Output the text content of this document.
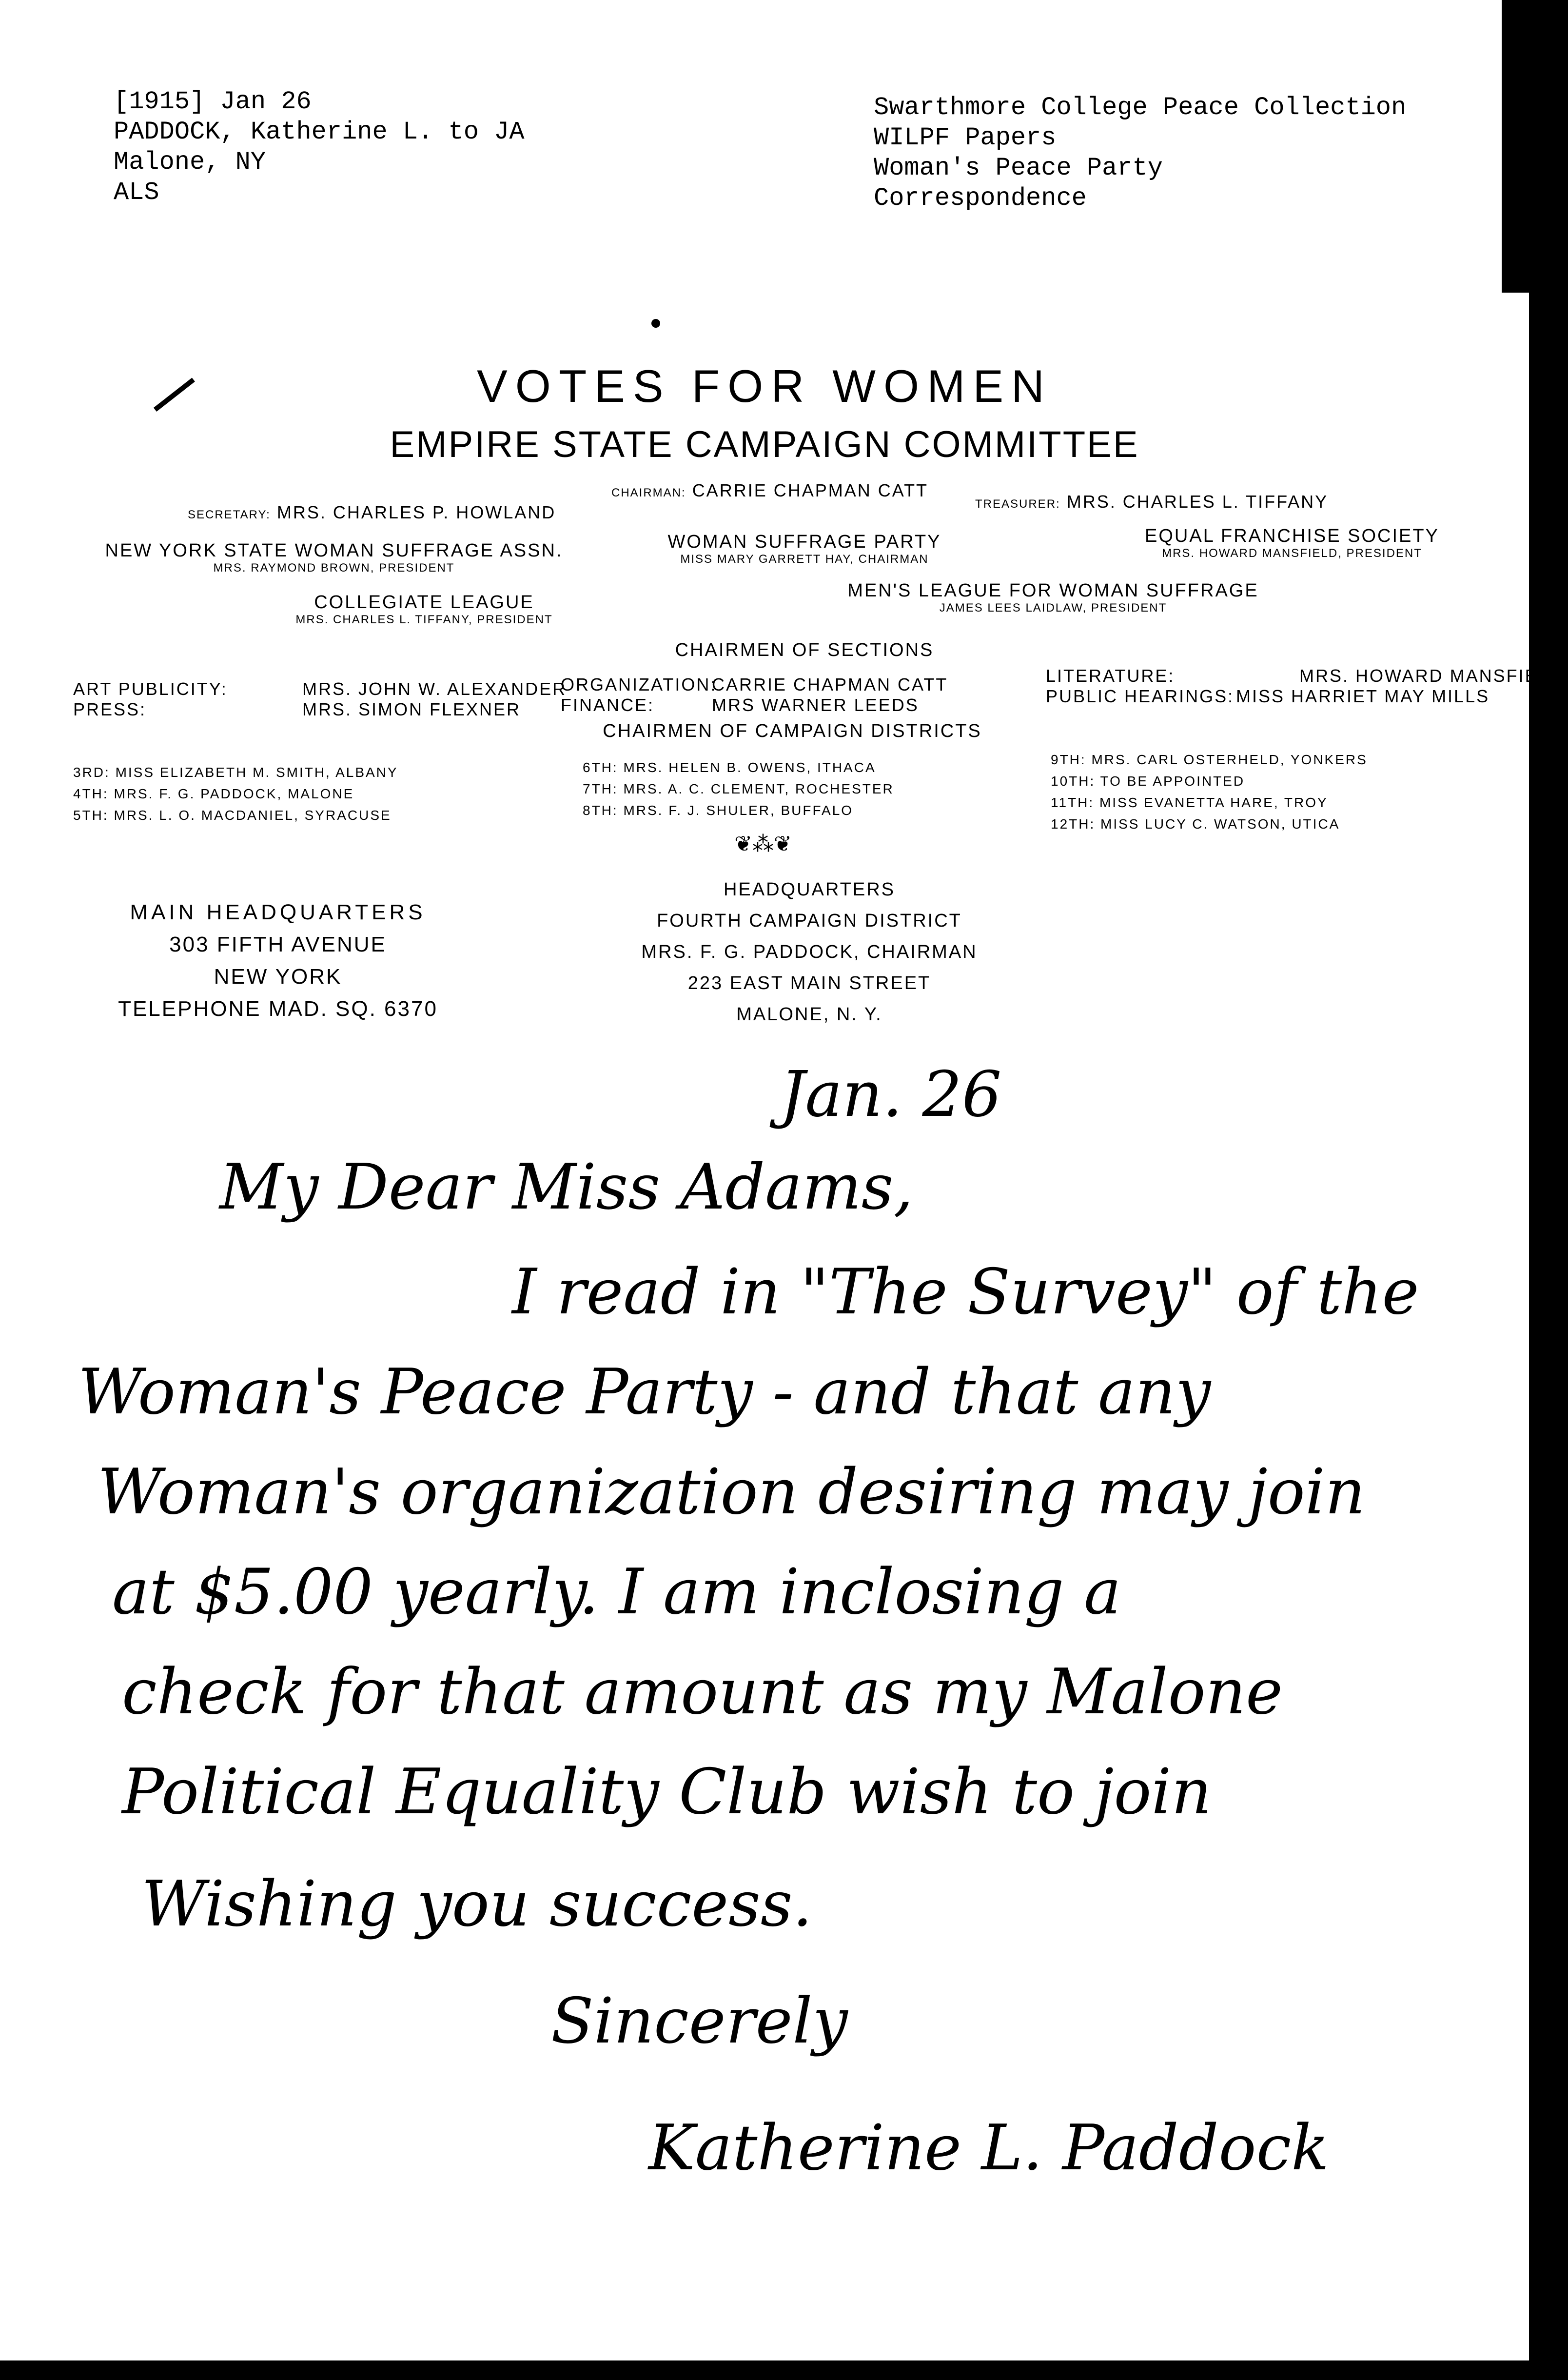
[1915] Jan 26
PADDOCK, Katherine L. to JA
Malone, NY
ALS
Swarthmore College Peace Collection
WILPF Papers
Woman's Peace Party
Correspondence
VOTES FOR WOMEN
EMPIRE STATE CAMPAIGN COMMITTEE
SECRETARY: MRS. CHARLES P. HOWLAND
CHAIRMAN: CARRIE CHAPMAN CATT
TREASURER: MRS. CHARLES L. TIFFANY
NEW YORK STATE WOMAN SUFFRAGE ASSN.
MRS. RAYMOND BROWN, PRESIDENT
WOMAN SUFFRAGE PARTY
MISS MARY GARRETT HAY, CHAIRMAN
EQUAL FRANCHISE SOCIETY
MRS. HOWARD MANSFIELD, PRESIDENT
COLLEGIATE LEAGUE
MRS. CHARLES L. TIFFANY, PRESIDENT
MEN'S LEAGUE FOR WOMAN SUFFRAGE
JAMES LEES LAIDLAW, PRESIDENT
CHAIRMEN OF SECTIONS
ART PUBLICITY:	MRS. JOHN W. ALEXANDER
PRESS:	MRS. SIMON FLEXNER
ORGANIZATION:
CARRIE CHAPMAN CATT
FINANCE:	MRS WARNER LEEDS
LITERATURE:	MRS. HOWARD MANSFIELD
PUBLIC HEARINGS: MISS HARRIET MAY MILLS
CHAIRMEN OF CAMPAIGN DISTRICTS
3RD: MISS ELIZABETH M. SMITH, ALBANY
4TH: MRS. F. G. PADDOCK, MALONE
5TH: MRS. L. O. MACDANIEL, SYRACUSE
6TH: MRS. HELEN B. OWENS, ITHACA
7TH: MRS. A. C. CLEMENT, ROCHESTER
8TH: MRS. F. J. SHULER, BUFFALO
9TH: MRS. CARL OSTERHELD, YONKERS
10TH: TO BE APPOINTED
11TH: MISS EVANETTA HARE, TROY
12TH: MISS LUCY C. WATSON, UTICA
❦⁂❦
MAIN HEADQUARTERS
303 FIFTH AVENUE
NEW YORK
TELEPHONE MAD. SQ. 6370
HEADQUARTERS
FOURTH CAMPAIGN DISTRICT
MRS. F. G. PADDOCK, CHAIRMAN
223 EAST MAIN STREET
MALONE, N. Y.
Jan. 26
My Dear Miss Adams,
I read in "The Survey" of the
Woman's Peace Party - and that any
Woman's organization desiring may join
at $5.00 yearly. I am inclosing a
check for that amount as my Malone
Political Equality Club wish to join
Wishing you success.
Sincerely
Katherine L. Paddock
